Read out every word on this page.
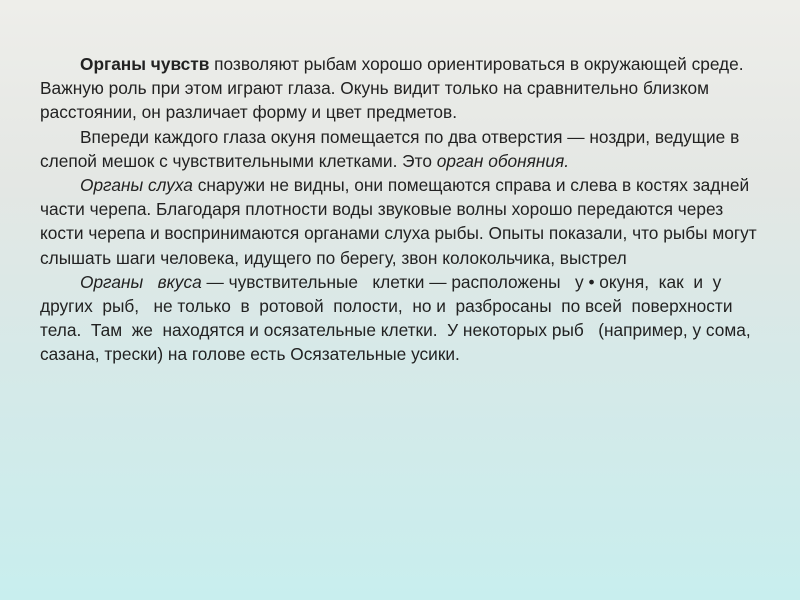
Органы чувств позволяют рыбам хорошо ориентироваться в окружающей среде. Важную роль при этом играют глаза. Окунь видит только на сравнительно близком расстоянии, он различает форму и цвет предметов.

Впереди каждого глаза окуня помещается по два отверстия — ноздри, ведущие в слепой мешок с чувствительными клетками. Это орган обоняния.

Органы слуха снаружи не видны, они помещаются справа и слева в костях задней части черепа. Благодаря плотности воды звуковые волны хорошо передаются через кости черепа и воспринимаются органами слуха рыбы. Опыты показали, что рыбы могут слышать шаги человека, идущего по берегу, звон колокольчика, выстрел

Органы   вкуса — чувствительные   клетки — расположены   у • окуня,  как  и  у других  рыб,   не только  в  ротовой  полости,  но и  разбросаны  по всей  поверхности тела.  Там  же  находятся и осязательные клетки.  У некоторых рыб   (например, у сома, сазана, трески) на голове есть Осязательные усики.
